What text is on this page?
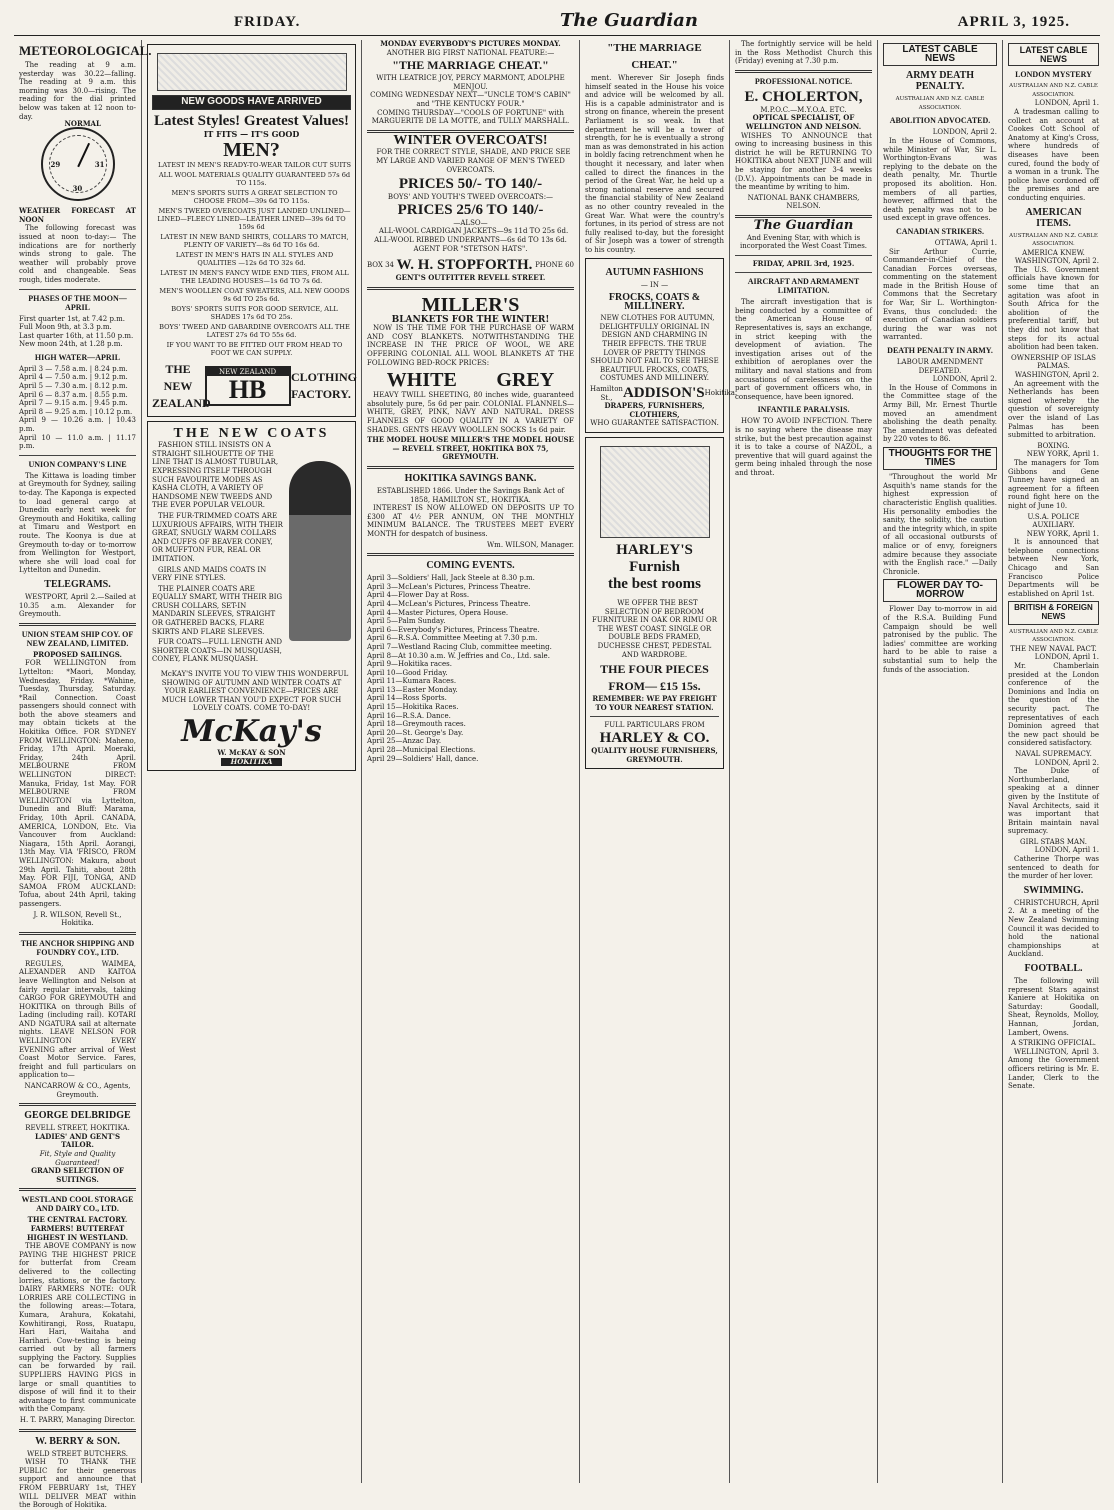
FRIDAY.	The Guardian	APRIL 3, 1925.
METEOROLOGICAL.
The reading at 9 a.m. yesterday was 30.22—falling. The reading at 9 a.m. this morning was 30.0—rising. The reading for the dial printed below was taken at 12 noon to-day.
NORMAL
29	31
30
WEATHER FORECAST AT NOON
The following forecast was issued at noon to-day:— The indications are for northerly winds strong to gale. The weather will probably prove cold and changeable. Seas rough, tides moderate.
PHASES OF THE MOON—APRIL
First quarter 1st, at 7.42 p.m.
Full Moon 9th, at 3.3 p.m.
Last quarter 16th, at 11.50 p.m.
New moon 24th, at 1.28 p.m.
HIGH WATER—APRIL
April 3 — 7.58 a.m. | 8.24 p.m.
April 4 — 7.50 a.m. | 9.12 p.m.
April 5 — 7.30 a.m. | 8.12 p.m.
April 6 — 8.37 a.m. | 8.55 p.m.
April 7 — 9.15 a.m. | 9.45 p.m.
April 8 — 9.25 a.m. | 10.12 p.m.
April 9 — 10.26 a.m. | 10.43 p.m.
April 10 — 11.0 a.m. | 11.17 p.m.
UNION COMPANY'S LINE
The Kittawa is loading timber at Greymouth for Sydney, sailing to-day. The Kaponga is expected to load general cargo at Dunedin early next week for Greymouth and Hokitika, calling at Timaru and Westport en route. The Koonya is due at Greymouth to-day or to-morrow from Wellington for Westport, where she will load coal for Lyttelton and Dunedin.
TELEGRAMS.
WESTPORT, April 2.—Sailed at 10.35 a.m. Alexander for Greymouth.
UNION STEAM SHIP COY. OF NEW ZEALAND, LIMITED.
PROPOSED SAILINGS.
FOR WELLINGTON from Lyttelton: *Maori, Monday, Wednesday, Friday. *Wahine, Tuesday, Thursday, Saturday. *Rail Connection. Coast passengers should connect with both the above steamers and may obtain tickets at the Hokitika Office. FOR SYDNEY FROM WELLINGTON: Maheno, Friday, 17th April. Moeraki, Friday, 24th April. MELBOURNE FROM WELLINGTON DIRECT: Manuka, Friday, 1st May. FOR MELBOURNE FROM WELLINGTON via Lyttelton, Dunedin and Bluff: Marama, Friday, 10th April. CANADA, AMERICA, LONDON, Etc. Via Vancouver from Auckland: Niagara, 15th April. Aorangi, 13th May. VIA 'FRISCO, FROM WELLINGTON: Makura, about 29th April. Tahiti, about 28th May. FOR FIJI, TONGA, AND SAMOA FROM AUCKLAND: Tofua, about 24th April, taking passengers.
J. R. WILSON, Revell St., Hokitika.
THE ANCHOR SHIPPING AND FOUNDRY COY., LTD.
REGULES, WAIMEA, ALEXANDER AND KAITOA leave Wellington and Nelson at fairly regular intervals, taking CARGO FOR GREYMOUTH and HOKITIKA on through Bills of Lading (including rail). KOTARI AND NGATURA sail at alternate nights. LEAVE NELSON FOR WELLINGTON EVERY EVENING after arrival of West Coast Motor Service. Fares, freight and full particulars on application to—
NANCARROW & CO., Agents, Greymouth.
GEORGE DELBRIDGE
REVELL STREET, HOKITIKA.
LADIES' AND GENT'S TAILOR.
Fit, Style and Quality Guaranteed!
GRAND SELECTION OF SUITINGS.
WESTLAND COOL STORAGE AND DAIRY CO., LTD.
THE CENTRAL FACTORY. FARMERS! BUTTERFAT HIGHEST IN WESTLAND.
THE ABOVE COMPANY is now PAYING THE HIGHEST PRICE for butterfat from Cream delivered to the collecting lorries, stations, or the factory. DAIRY FARMERS NOTE: OUR LORRIES ARE COLLECTING in the following areas:—Totara, Kumara, Arahura, Kokatahi, Kowhitirangi, Ross, Ruatapu, Hari Hari, Waitaha and Harihari. Cow-testing is being carried out by all farmers supplying the Factory. Supplies can be forwarded by rail. SUPPLIERS HAVING PIGS in large or small quantities to dispose of will find it to their advantage to first communicate with the Company.
H. T. PARRY, Managing Director.
W. BERRY & SON.
WELD STREET BUTCHERS.
WISH TO THANK THE PUBLIC for their generous support and announce that FROM FEBRUARY 1st, THEY WILL DELIVER MEAT within the Borough of Hokitika.
NEW GOODS HAVE ARRIVED
Latest Styles! Greatest Values!
IT FITS — IT'S GOOD
MEN?
LATEST IN MEN'S READY-TO-WEAR TAILOR CUT SUITS
ALL WOOL MATERIALS QUALITY GUARANTEED 57s 6d TO 115s.
MEN'S SPORTS SUITS A GREAT SELECTION TO CHOOSE FROM—39s 6d TO 115s.
MEN'S TWEED OVERCOATS JUST LANDED UNLINED—LINED—FLEECY LINED—LEATHER LINED—39s 6d TO 159s 6d
LATEST IN NEW BAND SHIRTS, COLLARS TO MATCH, PLENTY OF VARIETY—8s 6d TO 16s 6d.
LATEST IN MEN'S HATS IN ALL STYLES AND QUALITIES —12s 6d TO 32s 6d.
LATEST IN MEN'S FANCY WIDE END TIES, FROM ALL THE LEADING HOUSES—1s 6d TO 7s 6d.
MEN'S WOOLLEN COAT SWEATERS, ALL NEW GOODS 9s 6d TO 25s 6d.
BOYS' SPORTS SUITS FOR GOOD SERVICE, ALL SHADES 17s 6d TO 25s.
BOYS' TWEED AND GABARDINE OVERCOATS ALL THE LATEST 27s 6d TO 55s 6d.
IF YOU WANT TO BE FITTED OUT FROM HEAD TO FOOT WE CAN SUPPLY.
THE NEW ZEALAND
NEW ZEALAND
HB	CLOTHING FACTORY.
THE NEW COATS
FASHION STILL INSISTS ON A STRAIGHT SILHOUETTE OF THE LINE THAT IS ALMOST TUBULAR, EXPRESSING ITSELF THROUGH SUCH FAVOURITE MODES AS KASHA CLOTH, A VARIETY OF HANDSOME NEW TWEEDS AND THE EVER POPULAR VELOUR.
THE FUR-TRIMMED COATS ARE LUXURIOUS AFFAIRS, WITH THEIR GREAT, SNUGLY WARM COLLARS AND CUFFS OF BEAVER CONEY, OR MUFFTON FUR, REAL OR IMITATION.
GIRLS AND MAIDS COATS IN VERY FINE STYLES.
THE PLAINER COATS ARE EQUALLY SMART, WITH THEIR BIG CRUSH COLLARS, SET-IN MANDARIN SLEEVES, STRAIGHT OR GATHERED BACKS, FLARE SKIRTS AND FLARE SLEEVES.
FUR COATS—FULL LENGTH AND SHORTER COATS—IN MUSQUASH, CONEY, FLANK MUSQUASH.
McKAY'S INVITE YOU TO VIEW THIS WONDERFUL SHOWING OF AUTUMN AND WINTER COATS AT YOUR EARLIEST CONVENIENCE—PRICES ARE MUCH LOWER THAN YOU'D EXPECT FOR SUCH LOVELY COATS. COME TO-DAY!
McKay's
W. McKAY & SON
HOKITIKA
MONDAY EVERYBODY'S PICTURES MONDAY.
ANOTHER BIG FIRST NATIONAL FEATURE:—
"THE MARRIAGE CHEAT."
WITH LEATRICE JOY, PERCY MARMONT, ADOLPHE MENJOU.
COMING WEDNESDAY NEXT—"UNCLE TOM'S CABIN" and "THE KENTUCKY FOUR."
COMING THURSDAY—"COOLS OF FORTUNE" with MARGUERITE DE LA MOTTE, and TULLY MARSHALL.
WINTER OVERCOATS!
FOR THE CORRECT STYLE, SHADE, AND PRICE SEE MY LARGE AND VARIED RANGE OF MEN'S TWEED OVERCOATS.
PRICES 50/- TO 140/-
BOYS' AND YOUTH'S TWEED OVERCOATS:—
PRICES 25/6 TO 140/-
—ALSO—
ALL-WOOL CARDIGAN JACKETS—9s 11d TO 25s 6d. ALL-WOOL RIBBED UNDERPANTS—6s 6d TO 13s 6d. AGENT FOR "STETSON HATS".
BOX 34 W. H. STOPFORTH. PHONE 60
GENT'S OUTFITTER REVELL STREET.
MILLER'S
BLANKETS FOR THE WINTER!
NOW IS THE TIME FOR THE PURCHASE OF WARM AND COSY BLANKETS. NOTWITHSTANDING THE INCREASE IN THE PRICE OF WOOL, WE ARE OFFERING COLONIAL ALL WOOL BLANKETS AT THE FOLLOWING BED-ROCK PRICES:
WHITE GREY
HEAVY TWILL SHEETING, 80 inches wide, guaranteed absolutely pure, 5s 6d per pair. COLONIAL FLANNELS—WHITE, GREY, PINK, NAVY AND NATURAL. DRESS FLANNELS OF GOOD QUALITY IN A VARIETY OF SHADES. GENTS HEAVY WOOLLEN SOCKS 1s 6d pair.
THE MODEL HOUSE MILLER'S THE MODEL HOUSE — REVELL STREET, HOKITIKA BOX 75, GREYMOUTH.
HOKITIKA SAVINGS BANK.
ESTABLISHED 1866. Under the Savings Bank Act of 1858, HAMILTON ST., HOKITIKA.
INTEREST IS NOW ALLOWED ON DEPOSITS UP TO £300 AT 4½ PER ANNUM, ON THE MONTHLY MINIMUM BALANCE. The TRUSTEES MEET EVERY MONTH for despatch of business.
Wm. WILSON, Manager.
COMING EVENTS.
April 3—Soldiers' Hall, Jack Steele at 8.30 p.m.
April 3—McLean's Pictures, Princess Theatre.
April 4—Flower Day at Ross.
April 4—McLean's Pictures, Princess Theatre.
April 4—Master Pictures, Opera House.
April 5—Palm Sunday.
April 6—Everybody's Pictures, Princess Theatre.
April 6—R.S.A. Committee Meeting at 7.30 p.m.
April 7—Westland Racing Club, committee meeting.
April 8—At 10.30 a.m. W. Jeffries and Co., Ltd. sale.
April 9—Hokitika races.
April 10—Good Friday.
April 11—Kumara Races.
April 13—Easter Monday.
April 14—Ross Sports.
April 15—Hokitika Races.
April 16—R.S.A. Dance.
April 18—Greymouth races.
April 20—St. George's Day.
April 25—Anzac Day.
April 28—Municipal Elections.
April 29—Soldiers' Hall, dance.
"THE MARRIAGE CHEAT."
ment. Wherever Sir Joseph finds himself seated in the House his voice and advice will be welcomed by all. His is a capable administrator and is strong on finance, wherein the present Parliament is so weak. In that department he will be a tower of strength, for he is eventually a strong man as was demonstrated in his action in boldly facing retrenchment when he thought it necessary, and later when called to direct the finances in the period of the Great War, he held up a strong national reserve and secured the financial stability of New Zealand as no other country revealed in the Great War. What were the country's fortunes, in its period of stress are not fully realised to-day, but the foresight of Sir Joseph was a tower of strength to his country.
AUTUMN FASHIONS
— IN —
FROCKS, COATS & MILLINERY.
NEW CLOTHES FOR AUTUMN, DELIGHTFULLY ORIGINAL IN DESIGN AND CHARMING IN THEIR EFFECTS. THE TRUE LOVER OF PRETTY THINGS SHOULD NOT FAIL TO SEE THESE BEAUTIFUL FROCKS, COATS, COSTUMES AND MILLINERY.
Hamilton St., ADDISON'S Hokitika.
DRAPERS, FURNISHERS, CLOTHIERS,
WHO GUARANTEE SATISFACTION.
HARLEY'S Furnish
the best rooms
WE OFFER THE BEST SELECTION OF BEDROOM FURNITURE IN OAK OR RIMU OR THE WEST COAST. SINGLE OR DOUBLE BEDS FRAMED, DUCHESSE CHEST, PEDESTAL AND WARDROBE.
THE FOUR PIECES FROM— £15 15s.
REMEMBER: WE PAY FREIGHT TO YOUR NEAREST STATION.
FULL PARTICULARS FROM
HARLEY & CO.
QUALITY HOUSE FURNISHERS, GREYMOUTH.
The fortnightly service will be held in the Ross Methodist Church this (Friday) evening at 7.30 p.m.
PROFESSIONAL NOTICE.
E. CHOLERTON,
M.P.O.C.—M.Y.O.A. ETC.
OPTICAL SPECIALIST, OF WELLINGTON AND NELSON.
WISHES TO ANNOUNCE that owing to increasing business in this district he will be RETURNING TO HOKITIKA about NEXT JUNE and will be staying for another 3-4 weeks (D.V.). Appointments can be made in the meantime by writing to him.
NATIONAL BANK CHAMBERS, NELSON.
The Guardian
And Evening Star, with which is incorporated the West Coast Times.
FRIDAY, APRIL 3rd, 1925.
AIRCRAFT AND ARMAMENT LIMITATION.
The aircraft investigation that is being conducted by a committee of the American House of Representatives is, says an exchange, in strict keeping with the development of aviation. The investigation arises out of the exhibition of aeroplanes over the military and naval stations and from accusations of carelessness on the part of government officers who, in consequence, have been ignored.
INFANTILE PARALYSIS.
HOW TO AVOID INFECTION. There is no saying where the disease may strike, but the best precaution against it is to take a course of NAZOL, a preventive that will guard against the germ being inhaled through the nose and throat.
LATEST CABLE NEWS
ARMY DEATH PENALTY.
AUSTRALIAN AND N.Z. CABLE ASSOCIATION.
ABOLITION ADVOCATED.
LONDON, April 2.
In the House of Commons, while Minister of War, Sir L. Worthington-Evans was replying to the debate on the death penalty, Mr. Thurtle proposed its abolition. Hon. members of all parties, however, affirmed that the death penalty was not to be used except in grave offences.
CANADIAN STRIKERS.
OTTAWA, April 1.
Sir Arthur Currie, Commander-in-Chief of the Canadian Forces overseas, commenting on the statement made in the British House of Commons that the Secretary for War, Sir L. Worthington-Evans, thus concluded: the execution of Canadian soldiers during the war was not warranted.
DEATH PENALTY IN ARMY.
LABOUR AMENDMENT DEFEATED.
LONDON, April 2.
In the House of Commons in the Committee stage of the Army Bill, Mr. Ernest Thurtle moved an amendment abolishing the death penalty. The amendment was defeated by 220 votes to 86.
THOUGHTS FOR THE TIMES
"Throughout the world Mr Asquith's name stands for the highest expression of characteristic English qualities. His personality embodies the sanity, the solidity, the caution and the integrity which, in spite of all occasional outbursts of malice or of envy, foreigners admire because they associate with the English race." —Daily Chronicle.
FLOWER DAY TO-MORROW
Flower Day to-morrow in aid of the R.S.A. Building Fund Campaign should be well patronised by the public. The ladies' committee are working hard to be able to raise a substantial sum to help the funds of the association.
LATEST CABLE NEWS
LONDON MYSTERY
AUSTRALIAN AND N.Z. CABLE ASSOCIATION.
LONDON, April 1.
A tradesman calling to collect an account at Cookes Cott School of Anatomy at King's Cross, where hundreds of diseases have been cured, found the body of a woman in a trunk. The police have cordoned off the premises and are conducting enquiries.
AMERICAN ITEMS.
AUSTRALIAN AND N.Z. CABLE ASSOCIATION.
AMERICA KNEW.
WASHINGTON, April 2.
The U.S. Government officials have known for some time that an agitation was afoot in South Africa for the abolition of the preferential tariff, but they did not know that steps for its actual abolition had been taken.
OWNERSHIP OF ISLAS PALMAS.
WASHINGTON, April 2.
An agreement with the Netherlands has been signed whereby the question of sovereignty over the island of Las Palmas has been submitted to arbitration.
BOXING.
NEW YORK, April 1.
The managers for Tom Gibbons and Gene Tunney have signed an agreement for a fifteen round fight here on the night of June 10.
U.S.A. POLICE AUXILIARY.
NEW YORK, April 1.
It is announced that telephone connections between New York, Chicago and San Francisco Police Departments will be established on April 1st.
BRITISH & FOREIGN NEWS
AUSTRALIAN AND N.Z. CABLE ASSOCIATION.
THE NEW NAVAL PACT.
LONDON, April 1.
Mr. Chamberlain presided at the London conference of the Dominions and India on the question of the security pact. The representatives of each Dominion agreed that the new pact should be considered satisfactory.
NAVAL SUPREMACY.
LONDON, April 2.
The Duke of Northumberland, speaking at a dinner given by the Institute of Naval Architects, said it was important that Britain maintain naval supremacy.
GIRL STABS MAN.
LONDON, April 1.
Catherine Thorpe was sentenced to death for the murder of her lover.
SWIMMING.
CHRISTCHURCH, April 2. At a meeting of the New Zealand Swimming Council it was decided to hold the national championships at Auckland.
FOOTBALL.
The following will represent Stars against Kaniere at Hokitika on Saturday: Goodall, Sheat, Reynolds, Molloy, Hannan, Jordan, Lambert, Owens.
A STRIKING OFFICIAL.
WELLINGTON, April 3. Among the Government officers retiring is Mr. E. Lander, Clerk to the Senate.
